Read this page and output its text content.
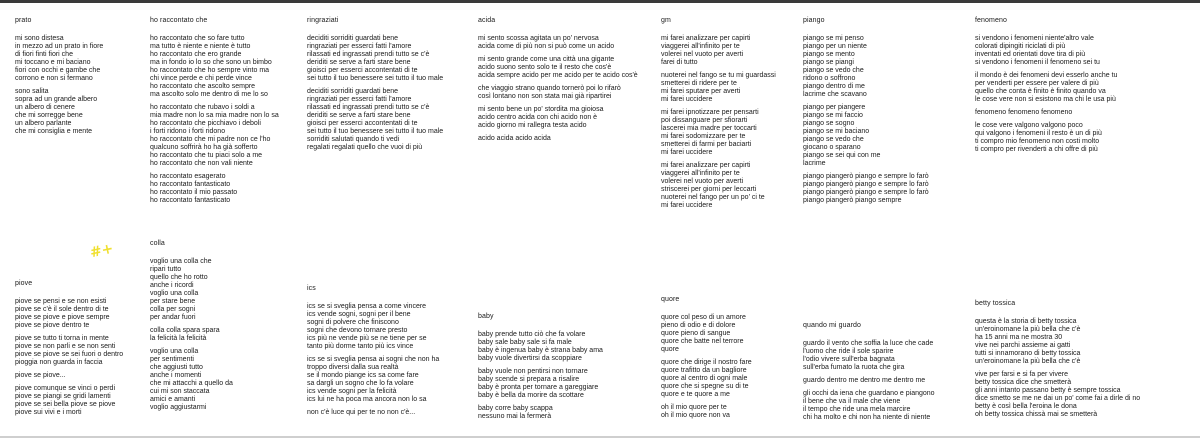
#+
prato
mi sono distesa
in mezzo ad un prato in fiore
di fiori finti fiori che
mi toccano e mi baciano
fiori con occhi e gambe che
corrono e non si fermano
sono salita
sopra ad un grande albero
un albero di cenere
che mi sorregge bene
un albero parlante
che mi consiglia e mente
ho raccontato che
ho raccontato che so fare tutto
ma tutto è niente e niente è tutto
ho raccontato che ero grande
ma in fondo io lo so che sono un bimbo
ho raccontato che ho sempre vinto ma
chi vince perde e chi perde vince
ho raccontato che ascolto sempre
ma ascolto solo me dentro di me lo so
ho raccontato che rubavo i soldi a
mia madre non lo sa mia madre non lo sa
ho raccontato che picchiavo i deboli
i forti ridono i forti ridono
ho raccontato che mi padre non ce l'ho
qualcuno soffrirà ho ha già sofferto
ho raccontato che tu piaci solo a me
ho raccontato che non vali niente
ho raccontato esagerato
ho raccontato fantasticato
ho raccontato il mio passato
ho raccontato fantasticato
ringraziati
deciditi sorriditi guardati bene
ringraziati per esserci fatti l'amore
rilassati ed ingrassati prendi tutto se c'è
deriditi se serve a farti stare bene
gioisci per esserci accontentati di te
sei tutto il tuo benessere sei tutto il tuo male
deciditi sorriditi guardati bene
ringraziati per esserci fatti l'amore
rilassati ed ingrassati prendi tutto se c'è
deriditi se serve a farti stare bene
gioisci per esserci accontentati di te
sei tutto il tuo benessere sei tutto il tuo male
sorriditi salutati quando ti vedi
regalati regalati quello che vuoi di più
acida
mi sento scossa agitata un po' nervosa
acida come di più non si può come un acido
mi sento grande come una città una gigante
acido suono sento solo te il resto che cos'è
acida sempre acido per me acido per te acido cos'è
che viaggio strano quando tornerò poi lo rifarò
così lontano non son stata mai già ripartirei
mi sento bene un po' stordita ma gioiosa
acido centro acida con chi acido non è
acido giorno mi rallegra testa acido
acido acida acido acida
gm
mi farei analizzare per capirti
viaggerei all'infinito per te
volerei nel vuoto per averti
farei di tutto
nuoterei nel fango se tu mi guardassi
smetterei di ridere per te
mi farei sputare per averti
mi farei uccidere
mi farei ipnotizzare per pensarti
poi dissanguare per sfiorarti
lascerei mia madre per toccarti
mi farei sodomizzare per te
smetterei di farmi per baciarti
mi farei uccidere
mi farei analizzare per capirti
viaggerei all'infinito per te
volerei nel vuoto per averti
striscerei per giorni per leccarti
nuoterei nel fango per un po' ci te
mi farei uccidere
piango
piango se mi penso
piango per un niente
piango se mento
piango se piangi
piango se vedo che
ridono o soffrono
piango dentro di me
lacrime che scavano
piango per piangere
piango se mi faccio
piango se sogno
piango se mi baciano
piango se vedo che
giocano o sparano
piango se sei qui con me
lacrime
piango piangerò piango e sempre lo farò
piango piangerò piango e sempre lo farò
piango piangerò piango e sempre lo farò
piango piangerò piango sempre
fenomeno
si vendono i fenomeni niente'altro vale
colorati dipingiti riciclati di più
inventati ed orientati dove tira di più
si vendono i fenomeni il fenomeno sei tu
il mondo è dei fenomeni devi esserlo anche tu
per venderti per essere per valere di più
quello che conta è finito è finito quando va
le cose vere non si esistono ma chi le usa più
fenomeno fenomeno fenomeno
le cose vere valgono valgono poco
qui valgono i fenomeni il resto è un di più
ti compro mio fenomeno non costi molto
ti compro per rivenderti a chi offre di più
colla
voglio una colla che
ripari tutto
quello che ho rotto
anche i ricordi
voglio una colla
per stare bene
colla per sogni
per andar fuori
colla colla spara spara
la felicità la felicità
voglio una colla
per sentimenti
che aggiusti tutto
anche i momenti
che mi attacchi a quello da
cui mi son staccata
amici e amanti
voglio aggiustarmi
piove
piove se pensi e se non esisti
piove se c'è il sole dentro di te
piove se piove e piove sempre
piove se piove dentro te
piove se tutto ti torna in mente
piove se non parli e se non senti
piove se piove se sei fuori o dentro
pioggia non guarda in faccia
piove se piove...
piove comunque se vinci o perdi
piove se piangi se gridi lamenti
piove se sei bella piove se piove
piove sui vivi e i morti
ics
ics se si sveglia pensa a come vincere
ics vende sogni, sogni per il bene
sogni di polvere che finiscono
sogni che devono tornare presto
ics più ne vende più se ne tiene per se
tanto più dorme tanto più ics vince
ics se si sveglia pensa ai sogni che non ha
troppo diversi dalla sua realtà
se il mondo piange ics sa come fare
sa dargli un sogno che lo fa volare
ics vende sogni per la felicità
ics lui ne ha poca ma ancora non lo sa
non c'è luce qui per te no non c'è...
baby
baby prende tutto ciò che fa volare
baby sale baby sale si fa male
baby è ingenua baby è strana baby ama
baby vuole divertirsi da scoppiare
baby vuole non pentirsi non tornare
baby scende si prepara a risalire
baby è pronta per tornare a gareggiare
baby è bella da morire da scottare
baby corre baby scappa
nessuno mai la fermerà
quore
quore col peso di un amore
pieno di odio e di dolore
quore pieno di sangue
quore che batte nel terrore
quore
quore che dirige il nostro fare
quore trafitto da un bagliore
quore al centro di ogni male
quore che si spegne su di te
quore e te quore a me
oh il mio quore per te
oh il mio quore non va
quando mi guardo
guardo il vento che soffia la luce che cade
l'uomo che ride il sole sparire
l'odio vivere sull'erba bagnata
sull'erba fumato la ruota che gira
guardo dentro me dentro me dentro me
gli occhi da iena che guardano e piangono
il bene che va il male che viene
il tempo che ride una mela marcire
chi ha molto e chi non ha niente di niente
betty tossica
questa è la storia di betty tossica
un'eroinomane la più bella che c'è
ha 15 anni ma ne mostra 30
vive nei parchi assieme ai gatti
tutti si innamorano di betty tossica
un'eroinomane la più bella che c'è
vive per farsi e si fa per vivere
betty tossica dice che smetterà
gli anni intanto passano betty è sempre tossica
dice smetto se me ne dai un po' come fai a dirle di no
betty è così bella l'eroina le dona
oh betty tossica chissà mai se smetterà
